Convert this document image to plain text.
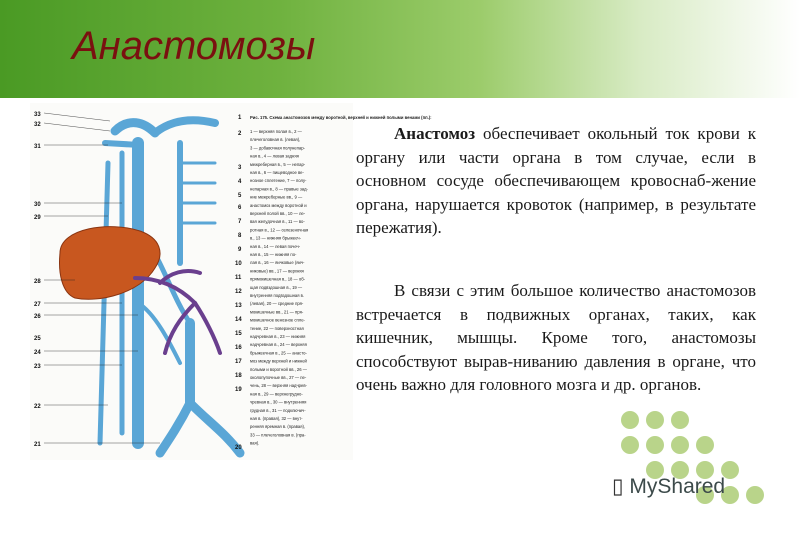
Анастомозы
33
32
31
30
29
28
27
26
25
24
23
22
21
1
2
3
4
5
6
7
8
9
10
11
12
13
14
15
16
17
18
19
20
Рис. 175. Схема анастомозов между воротной, верхней и нижней полыми венами (пп.):
1 — верхняя полая в., 2 —
плечеголовная в. (левая),
3 — добавочная полунепар-
ная в., 4 — левая задняя
межреберная в., 5 — непар-
ная в., 6 — пищеводное ве-
нозное сплетение, 7 — полу-
непарная в., 8 — правые зад-
ние межреберные вв., 9 —
анастомоз между воротной и
верхней полой вв., 10 — ле-
вая желудочная в., 11 — во-
ротная в., 12 — селезеночная
в., 13 — нижняя брыжееч-
ная в., 14 — левая почеч-
ная в., 15 — нижняя по-
лая в., 16 — яичковые (яич-
никовые) вв., 17 — верхняя
прямокишечная в., 18 — об-
щая подвздошная в., 19 —
внутренняя подвздошная в.
(левая), 20 — средние пря-
мокишечные вв., 21 — пря-
мокишечное венозное спле-
тение, 22 — поверхностная
надчревная в., 23 — нижняя
надчревная в., 24 — верхняя
брыжеечная в., 25 — анасто-
моз между верхней и нижней
полыми и воротной вв., 26 —
околопупочные вв., 27 — пе-
чень, 28 — верхняя надчрев-
ная в., 29 — верхнегрудно-
чревная в., 30 — внутренняя
грудная в., 31 — подключич-
ная в. (правая), 32 — внут-
ренняя яремная в. (правая),
33 — плечеголовная в. (пра-
вая).

Анастомоз обеспечивает окольный ток крови к органу или части органа в том случае, если в основном сосуде обеспечивающем кровоснаб-жение органа, нарушается кровоток (например, в результате пережатия).

В связи с этим большое количество анастомозов встречается в подвижных органах, таких, как кишечник, мышцы. Кроме того, анастомозы способствуют вырав-ниванию давления в органе, что очень важно для головного мозга и др. органов.

▯ MyShared
